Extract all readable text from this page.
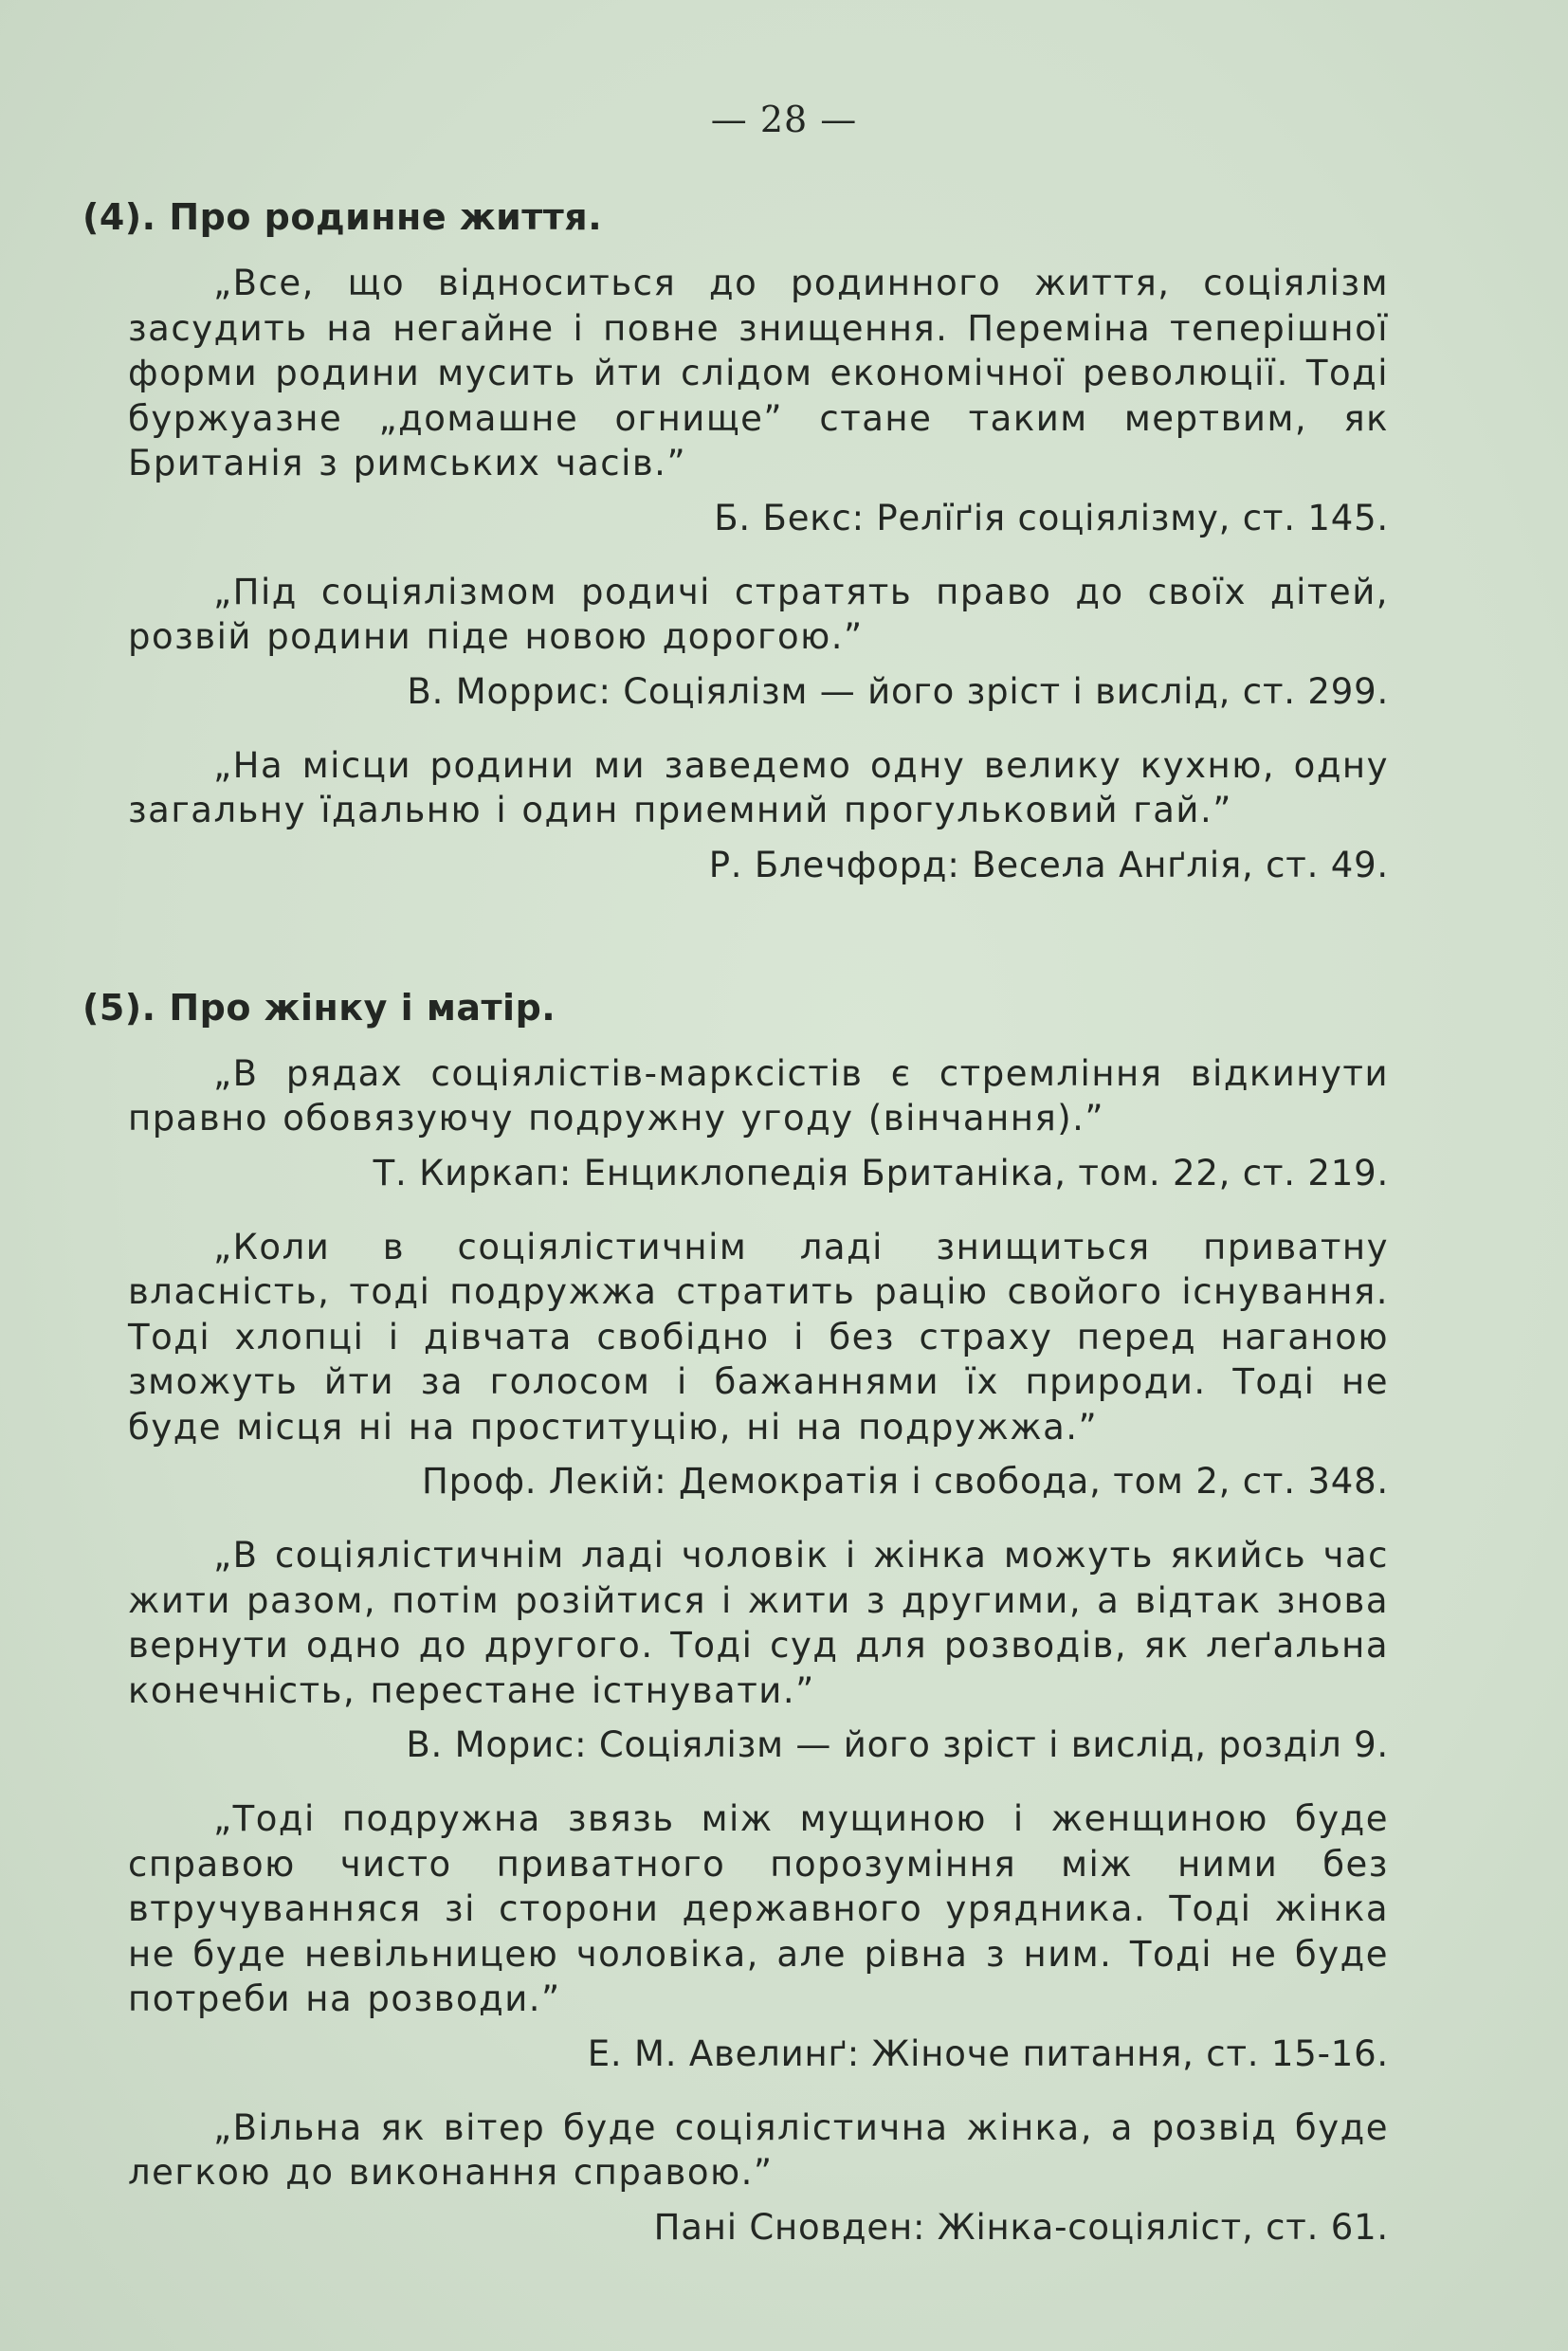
— 28 —
(4). Про родинне життя.

„Все, що відноситься до родинного життя, соціялізм засудить на негайне і повне знищення. Переміна теперішної форми родини мусить йти слідом економічної революції. Тоді буржуазне „домашне огнище” стане таким мертвим, як Британія з римських часів.”

Б. Бекс: Релїґія соціялізму, ст. 145.

„Під соціялізмом родичі стратять право до своїх дітей, розвій родини піде новою дорогою.”

В. Моррис: Соціялізм — його зріст і вислід, ст. 299.

„На місци родини ми заведемо одну велику кухню, одну загальну їдальню і один приемний прогульковий гай.”

Р. Блечфорд: Весела Анґлія, ст. 49.
(5). Про жінку і матір.

„В рядах соціялістів-марксістів є стремління відкинути правно обовязуючу подружну угоду (вінчання).”

Т. Киркап: Енциклопедія Британіка, том. 22, ст. 219.

„Коли в соціялістичнім ладі знищиться приватну власність, тоді подружжа стратить рацію свойого існування. Тоді хлопці і дівчата свобідно і без страху перед наганою зможуть йти за голосом і бажаннями їх природи. Тоді не буде місця ні на проституцію, ні на подружжа.”

Проф. Лекій: Демократія і свобода, том 2, ст. 348.

„В соціялістичнім ладі чоловік і жінка можуть якийсь час жити разом, потім розійтися і жити з другими, а відтак знова вернути одно до другого. Тоді суд для розводів, як леґальна конечність, перестане істнувати.”

В. Морис: Соціялізм — його зріст і вислід, розділ 9.

„Тоді подружна звязь між мущиною і женщиною буде справою чисто приватного порозуміння між ними без втручуванняся зі сторони державного урядника. Тоді жінка не буде невільницею чоловіка, але рівна з ним. Тоді не буде потреби на розводи.”

Е. М. Авелинґ: Жіноче питання, ст. 15-16.

„Вільна як вітер буде соціялістична жінка, а розвід буде легкою до виконання справою.”

Пані Сновден: Жінка-соціяліст, ст. 61.
